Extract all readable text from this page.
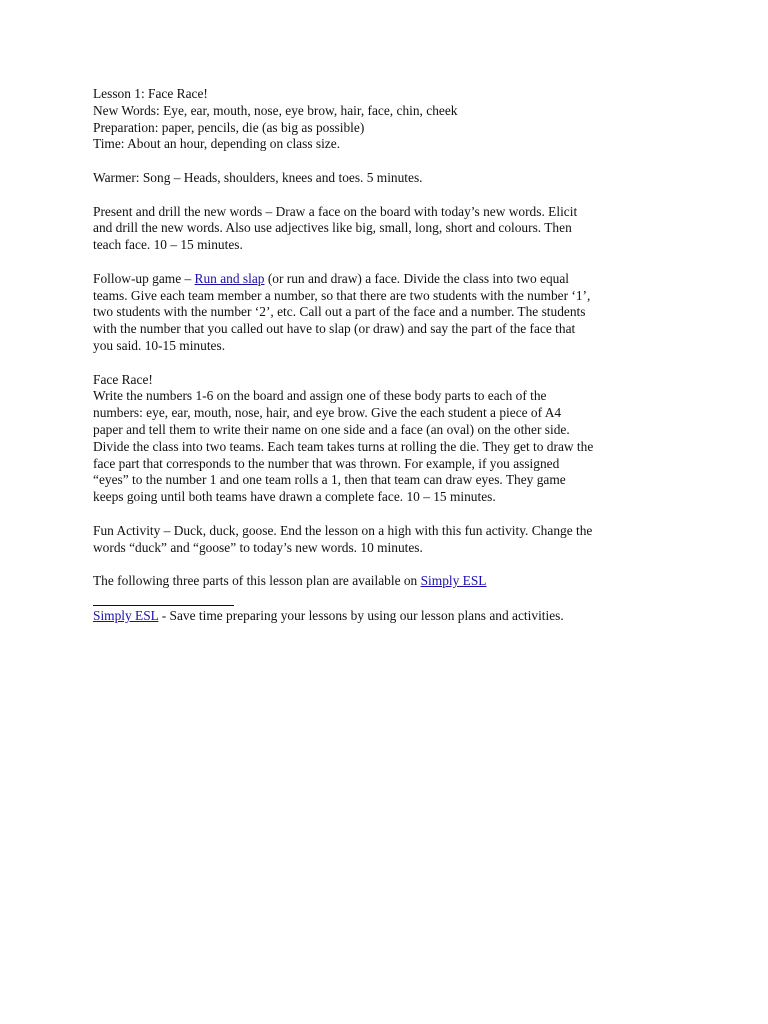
Lesson 1: Face Race!
New Words: Eye, ear, mouth, nose, eye brow, hair, face, chin, cheek
Preparation: paper, pencils, die (as big as possible)
Time: About an hour, depending on class size.
Warmer: Song – Heads, shoulders, knees and toes. 5 minutes.
Present and drill the new words – Draw a face on the board with today’s new words. Elicit
and drill the new words. Also use adjectives like big, small, long, short and colours. Then
teach face. 10 – 15 minutes.
Follow-up game – Run and slap (or run and draw) a face. Divide the class into two equal
teams. Give each team member a number, so that there are two students with the number ‘1’,
two students with the number ‘2’, etc. Call out a part of the face and a number. The students
with the number that you called out have to slap (or draw) and say the part of the face that
you said. 10-15 minutes.
Face Race!
Write the numbers 1-6 on the board and assign one of these body parts to each of the
numbers: eye, ear, mouth, nose, hair, and eye brow. Give the each student a piece of A4
paper and tell them to write their name on one side and a face (an oval) on the other side.
Divide the class into two teams. Each team takes turns at rolling the die. They get to draw the
face part that corresponds to the number that was thrown. For example, if you assigned
“eyes” to the number 1 and one team rolls a 1, then that team can draw eyes. They game
keeps going until both teams have drawn a complete face. 10 – 15 minutes.
Fun Activity – Duck, duck, goose. End the lesson on a high with this fun activity. Change the
words “duck” and “goose” to today’s new words. 10 minutes.
The following three parts of this lesson plan are available on Simply ESL
Simply ESL - Save time preparing your lessons by using our lesson plans and activities.
